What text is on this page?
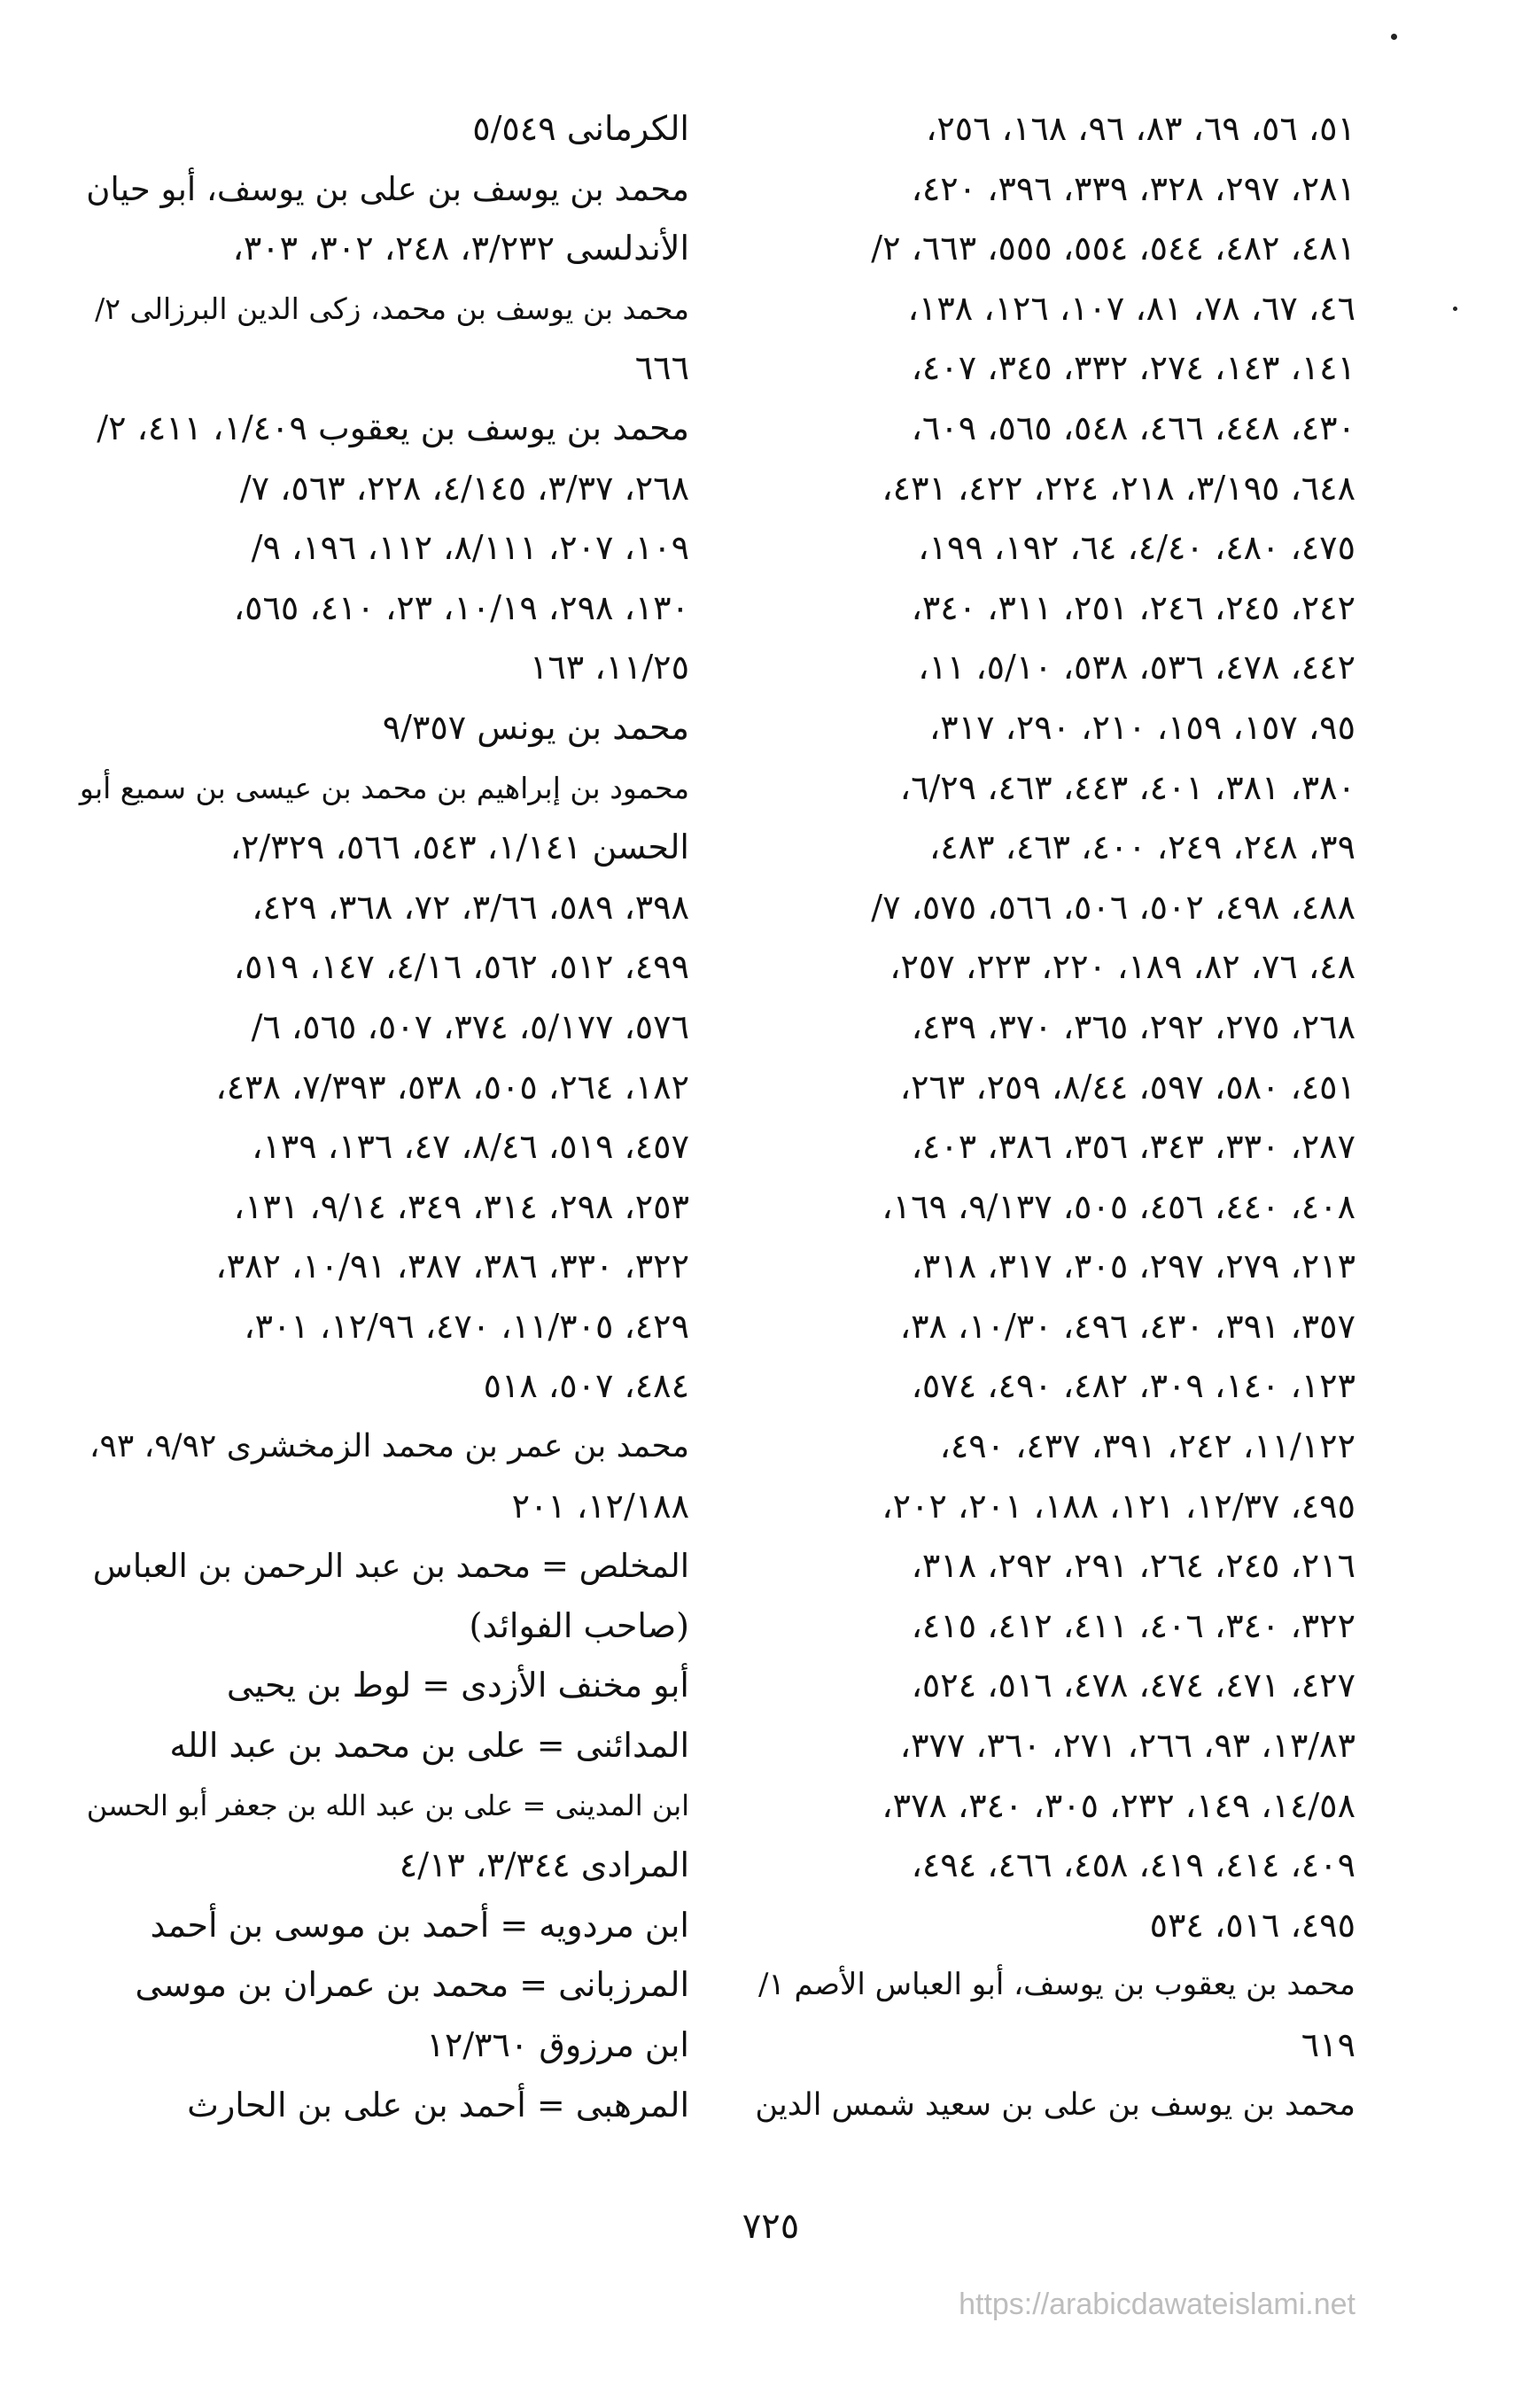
٥١، ٥٦، ٦٩، ٨٣، ٩٦، ١٦٨، ٢٥٦،
٢٨١، ٢٩٧، ٣٢٨، ٣٣٩، ٣٩٦، ٤٢٠،
٤٨١، ٤٨٢، ٥٤٤، ٥٥٤، ٥٥٥، ٦٦٣، ٢/
٤٦، ٦٧، ٧٨، ٨١، ١٠٧، ١٢٦، ١٣٨،
١٤١، ١٤٣، ٢٧٤، ٣٣٢، ٣٤٥، ٤٠٧،
٤٣٠، ٤٤٨، ٤٦٦، ٥٤٨، ٥٦٥، ٦٠٩،
٦٤٨، ٣/١٩٥، ٢١٨، ٢٢٤، ٤٢٢، ٤٣١،
٤٧٥، ٤٨٠، ٤/٤٠، ٦٤، ١٩٢، ١٩٩،
٢٤٢، ٢٤٥، ٢٤٦، ٢٥١، ٣١١، ٣٤٠،
٤٤٢، ٤٧٨، ٥٣٦، ٥٣٨، ٥/١٠، ١١،
٩٥، ١٥٧، ١٥٩، ٢١٠، ٢٩٠، ٣١٧،
٣٨٠، ٣٨١، ٤٠١، ٤٤٣، ٤٦٣، ٦/٢٩،
٣٩، ٢٤٨، ٢٤٩، ٤٠٠، ٤٦٣، ٤٨٣،
٤٨٨، ٤٩٨، ٥٠٢، ٥٠٦، ٥٦٦، ٥٧٥، ٧/
٤٨، ٧٦، ٨٢، ١٨٩، ٢٢٠، ٢٢٣، ٢٥٧،
٢٦٨، ٢٧٥، ٢٩٢، ٣٦٥، ٣٧٠، ٤٣٩،
٤٥١، ٥٨٠، ٥٩٧، ٨/٤٤، ٢٥٩، ٢٦٣،
٢٨٧، ٣٣٠، ٣٤٣، ٣٥٦، ٣٨٦، ٤٠٣،
٤٠٨، ٤٤٠، ٤٥٦، ٥٠٥، ٩/١٣٧، ١٦٩،
٢١٣، ٢٧٩، ٢٩٧، ٣٠٥، ٣١٧، ٣١٨،
٣٥٧، ٣٩١، ٤٣٠، ٤٩٦، ١٠/٣٠، ٣٨،
١٢٣، ١٤٠، ٣٠٩، ٤٨٢، ٤٩٠، ٥٧٤،
١١/١٢٢، ٢٤٢، ٣٩١، ٤٣٧، ٤٩٠،
٤٩٥، ١٢/٣٧، ١٢١، ١٨٨، ٢٠١، ٢٠٢،
٢١٦، ٢٤٥، ٢٦٤، ٢٩١، ٢٩٢، ٣١٨،
٣٢٢، ٣٤٠، ٤٠٦، ٤١١، ٤١٢، ٤١٥،
٤٢٧، ٤٧١، ٤٧٤، ٤٧٨، ٥١٦، ٥٢٤،
١٣/٨٣، ٩٣، ٢٦٦، ٢٧١، ٣٦٠، ٣٧٧،
١٤/٥٨، ١٤٩، ٢٣٢، ٣٠٥، ٣٤٠، ٣٧٨،
٤٠٩، ٤١٤، ٤١٩، ٤٥٨، ٤٦٦، ٤٩٤،
٤٩٥، ٥١٦، ٥٣٤
محمد بن يعقوب بن يوسف، أبو العباس الأصم ١/
٦١٩
محمد بن يوسف بن على بن سعيد شمس الدين
الكرمانى ٥/٥٤٩
محمد بن يوسف بن على بن يوسف، أبو حيان
الأندلسى ٣/٢٣٢، ٢٤٨، ٣٠٢، ٣٠٣،
محمد بن يوسف بن محمد، زكى الدين البرزالى ٢/
٦٦٦
محمد بن يوسف بن يعقوب ١/٤٠٩، ٤١١، ٢/
٢٦٨، ٣/٣٧، ٤/١٤٥، ٢٢٨، ٥٦٣، ٧/
١٠٩، ٢٠٧، ٨/١١١، ١١٢، ١٩٦، ٩/
١٣٠، ٢٩٨، ١٠/١٩، ٢٣، ٤١٠، ٥٦٥،
١١/٢٥، ١٦٣
محمد بن يونس ٩/٣٥٧
محمود بن إبراهيم بن محمد بن عيسى بن سميع أبو
الحسن ١/١٤١، ٥٤٣، ٥٦٦، ٢/٣٢٩،
٣٩٨، ٥٨٩، ٣/٦٦، ٧٢، ٣٦٨، ٤٢٩،
٤٩٩، ٥١٢، ٥٦٢، ٤/١٦، ١٤٧، ٥١٩،
٥٧٦، ٥/١٧٧، ٣٧٤، ٥٠٧، ٥٦٥، ٦/
١٨٢، ٢٦٤، ٥٠٥، ٥٣٨، ٧/٣٩٣، ٤٣٨،
٤٥٧، ٥١٩، ٨/٤٦، ٤٧، ١٣٦، ١٣٩،
٢٥٣، ٢٩٨، ٣١٤، ٣٤٩، ٩/١٤، ١٣١،
٣٢٢، ٣٣٠، ٣٨٦، ٣٨٧، ١٠/٩١، ٣٨٢،
٤٢٩، ١١/٣٠٥، ٤٧٠، ١٢/٩٦، ٣٠١،
٤٨٤، ٥٠٧، ٥١٨
محمد بن عمر بن محمد الزمخشرى ٩/٩٢، ٩٣،
١٢/١٨٨، ٢٠١
المخلص = محمد بن عبد الرحمن بن العباس
(صاحب الفوائد)
أبو مخنف الأزدى = لوط بن يحيى
المدائنى = على بن محمد بن عبد الله
ابن المدينى = على بن عبد الله بن جعفر أبو الحسن
المرادى ٣/٣٤٤، ٤/١٣
ابن مردويه = أحمد بن موسى بن أحمد
المرزبانى = محمد بن عمران بن موسى
ابن مرزوق ١٢/٣٦٠
المرهبى = أحمد بن على بن الحارث
٧٢٥
https://arabicdawateislami.net
